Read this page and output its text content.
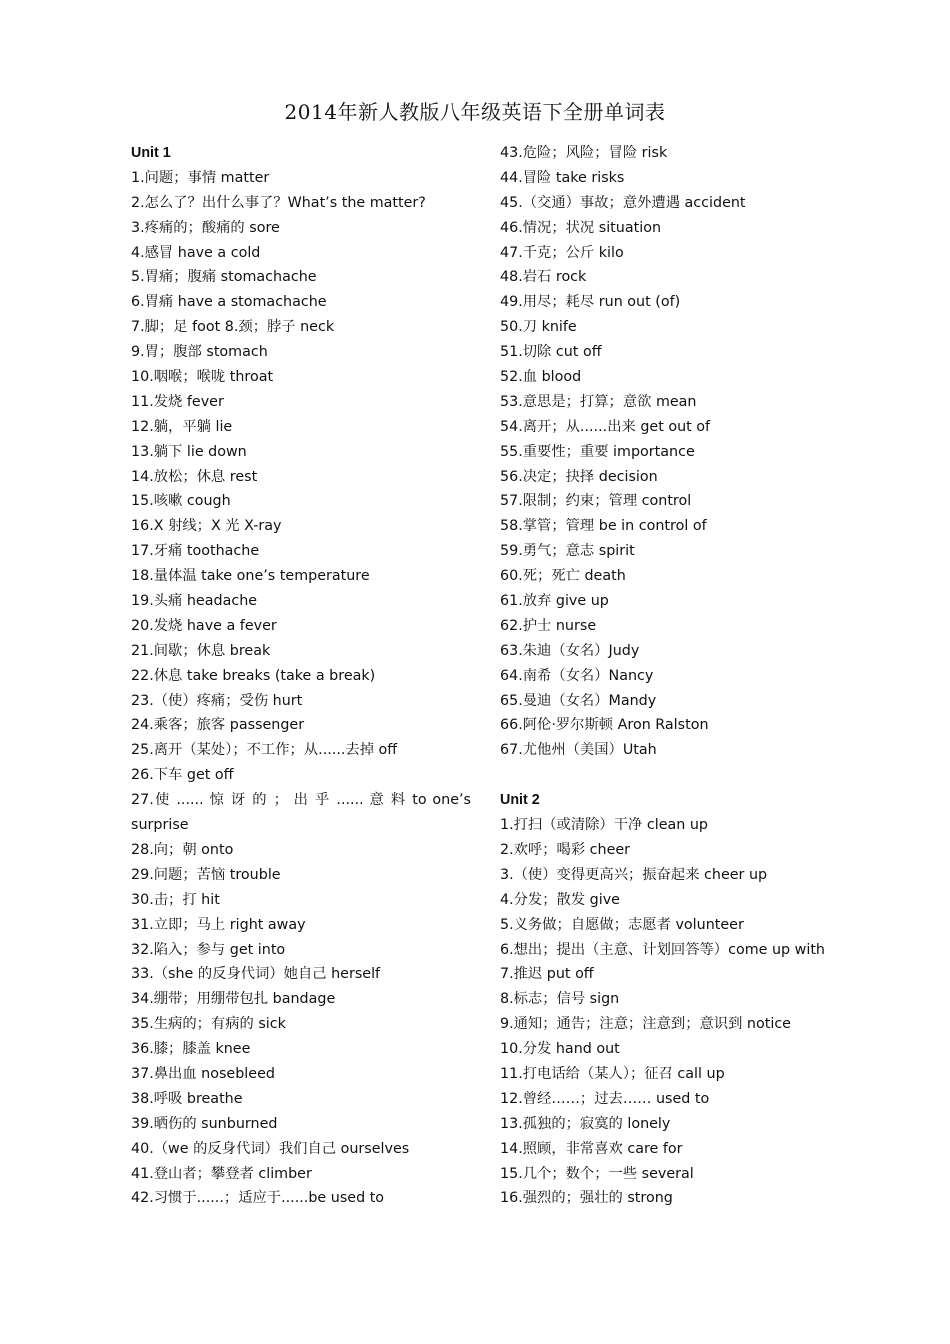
2014年新人教版八年级英语下全册单词表
Unit 1
1.问题；事情 matter
2.怎么了？出什么事了？What’s the matter?
3.疼痛的；酸痛的 sore
4.感冒 have a cold
5.胃痛；腹痛 stomachache
6.胃痛 have a stomachache
7.脚；足 foot 8.颈；脖子 neck
9.胃；腹部 stomach
10.咽喉；喉咙 throat
11.发烧 fever
12.躺，平躺 lie
13.躺下 lie down
14.放松；休息 rest
15.咳嗽 cough
16.X 射线；X 光 X-ray
17.牙痛 toothache
18.量体温 take one’s temperature
19.头痛 headache
20.发烧 have a fever
21.间歇；休息 break
22.休息 take breaks (take a break)
23.（使）疼痛；受伤 hurt
24.乘客；旅客 passenger
25.离开（某处）；不工作；从......去掉 off
26.下车 get off
27.使 ...... 惊 讶 的 ； 出 乎 ...... 意 料 to one’s surprise
28.向；朝 onto
29.问题；苦恼 trouble
30.击；打 hit
31.立即；马上 right away
32.陷入；参与 get into
33.（she 的反身代词）她自己 herself
34.绷带；用绷带包扎 bandage
35.生病的；有病的 sick
36.膝；膝盖 knee
37.鼻出血 nosebleed
38.呼吸 breathe
39.晒伤的 sunburned
40.（we 的反身代词）我们自己 ourselves
41.登山者；攀登者 climber
42.习惯于......；适应于......be used to
43.危险；风险；冒险 risk
44.冒险 take risks
45.（交通）事故；意外遭遇 accident
46.情况；状况 situation
47.千克；公斤 kilo
48.岩石 rock
49.用尽；耗尽 run out (of)
50.刀 knife
51.切除 cut off
52.血 blood
53.意思是；打算；意欲 mean
54.离开；从......出来 get out of
55.重要性；重要 importance
56.决定；抉择 decision
57.限制；约束；管理 control
58.掌管；管理 be in control of
59.勇气；意志 spirit
60.死；死亡 death
61.放弃 give up
62.护士 nurse
63.朱迪（女名）Judy
64.南希（女名）Nancy
65.曼迪（女名）Mandy
66.阿伦·罗尔斯顿 Aron Ralston
67.尤他州（美国）Utah
Unit 2
1.打扫（或清除）干净 clean up
2.欢呼；喝彩 cheer
3.（使）变得更高兴；振奋起来 cheer up
4.分发；散发 give
5.义务做；自愿做；志愿者 volunteer
6.想出；提出（主意、计划回答等）come up with
7.推迟 put off
8.标志；信号 sign
9.通知；通告；注意；注意到；意识到 notice
10.分发 hand out
11.打电话给（某人）；征召 call up
12.曾经……；过去…… used to
13.孤独的；寂寞的 lonely
14.照顾，非常喜欢 care for
15.几个；数个；一些 several
16.强烈的；强壮的 strong
